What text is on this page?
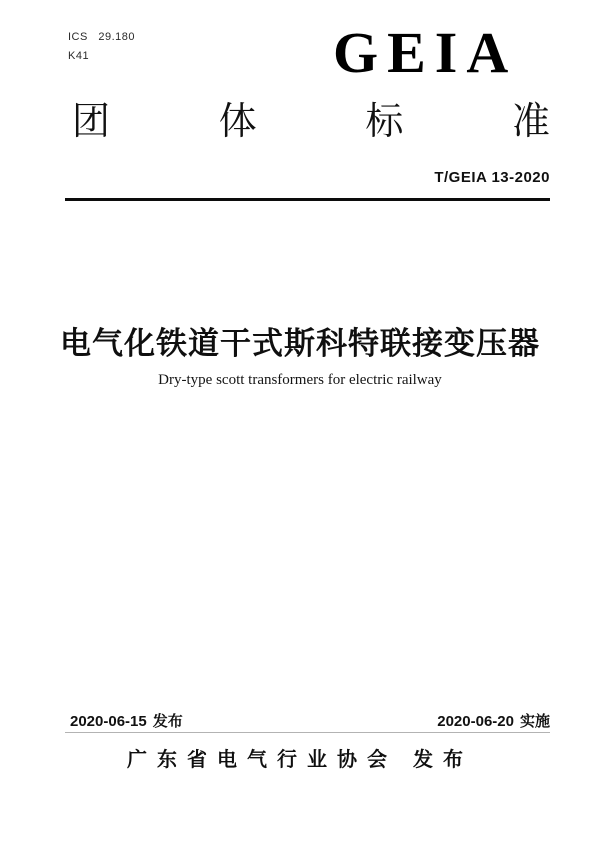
ICS 29.180
K41	GEIA
团	体	标	准
T/GEIA 13-2020
电气化铁道干式斯科特联接变压器
Dry-type scott transformers for electric railway
2020-06-15 发布	2020-06-20 实施
广东省电气行业协会 发布
